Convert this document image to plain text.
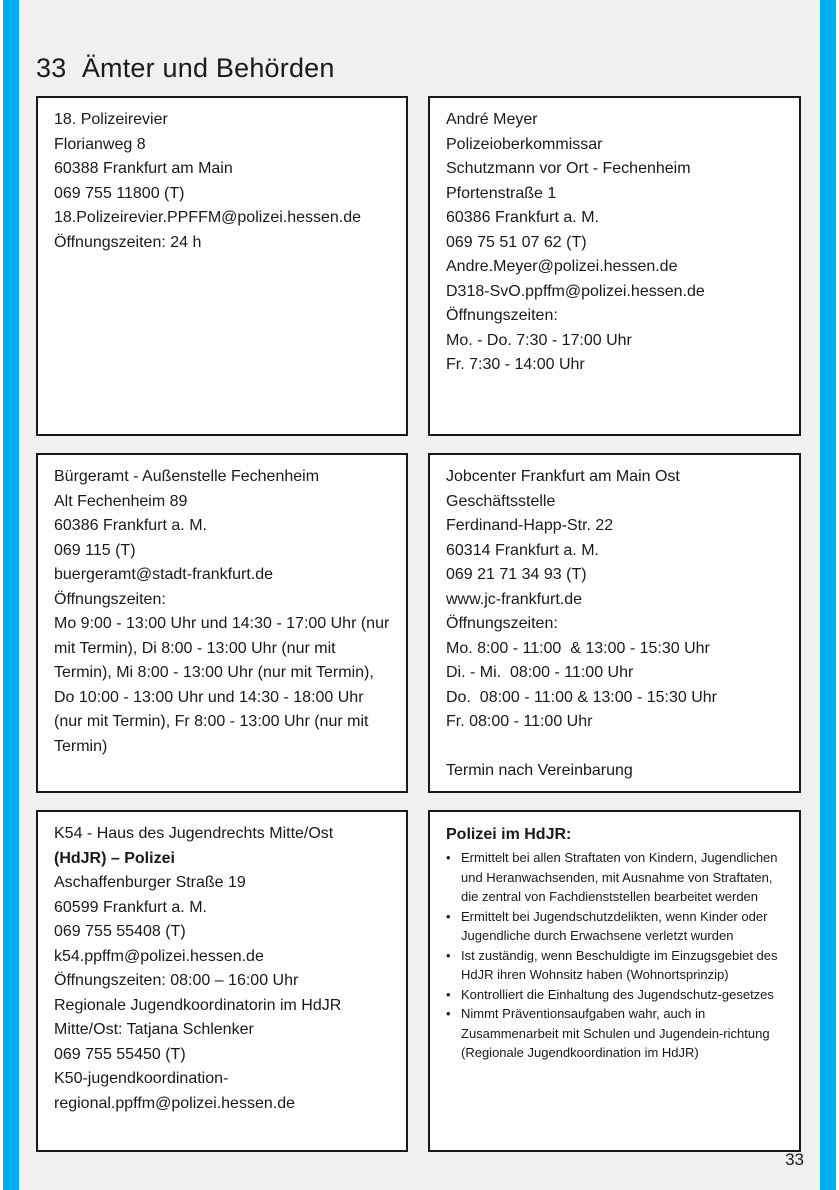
33  Ämter und Behörden
18. Polizeirevier
Florianweg 8
60388 Frankfurt am Main
069 755 11800 (T)
18.Polizeirevier.PPFFM@polizei.hessen.de
Öffnungszeiten: 24 h
André Meyer
Polizeioberkommissar
Schutzmann vor Ort - Fechenheim
Pfortenstraße 1
60386 Frankfurt a. M.
069 75 51 07 62 (T)
Andre.Meyer@polizei.hessen.de
D318-SvO.ppffm@polizei.hessen.de
Öffnungszeiten:
Mo. - Do. 7:30 - 17:00 Uhr
Fr. 7:30 - 14:00 Uhr
Bürgeramt - Außenstelle Fechenheim
Alt Fechenheim 89
60386 Frankfurt a. M.
069 115 (T)
buergeramt@stadt-frankfurt.de
Öffnungszeiten:
Mo 9:00 - 13:00 Uhr und 14:30 - 17:00 Uhr (nur mit Termin), Di 8:00 - 13:00 Uhr (nur mit Termin), Mi 8:00 - 13:00 Uhr (nur mit Termin), Do 10:00 - 13:00 Uhr und 14:30 - 18:00 Uhr (nur mit Termin), Fr 8:00 - 13:00 Uhr (nur mit Termin)
Jobcenter Frankfurt am Main Ost
Geschäftsstelle
Ferdinand-Happ-Str. 22
60314 Frankfurt a. M.
069 21 71 34 93 (T)
www.jc-frankfurt.de
Öffnungszeiten:
Mo. 8:00 - 11:00  & 13:00 - 15:30 Uhr
Di. - Mi.  08:00 - 11:00 Uhr
Do.  08:00 - 11:00 & 13:00 - 15:30 Uhr
Fr. 08:00 - 11:00 Uhr
Termin nach Vereinbarung
K54 - Haus des Jugendrechts Mitte/Ost
(HdJR) – Polizei
Aschaffenburger Straße 19
60599 Frankfurt a. M.
069 755 55408 (T)
k54.ppffm@polizei.hessen.de
Öffnungszeiten: 08:00 – 16:00 Uhr
Regionale Jugendkoordinatorin im HdJR
Mitte/Ost: Tatjana Schlenker
069 755 55450 (T)
K50-jugendkoordination-
regional.ppffm@polizei.hessen.de
Polizei im HdJR:
• Ermittelt bei allen Straftaten von Kindern, Jugendlichen und Heranwachsenden, mit Ausnahme von Straftaten, die zentral von Fachdienststellen bearbeitet werden
• Ermittelt bei Jugendschutzdelikten, wenn Kinder oder Jugendliche durch Erwachsene verletzt wurden
• Ist zuständig, wenn Beschuldigte im Einzugsgebiet des HdJR ihren Wohnsitz haben (Wohnortsprinzip)
• Kontrolliert die Einhaltung des Jugendschutz-gesetzes
• Nimmt Präventionsaufgaben wahr, auch in Zusammenarbeit mit Schulen und Jugendein-richtung (Regionale Jugendkoordination im HdJR)
33
